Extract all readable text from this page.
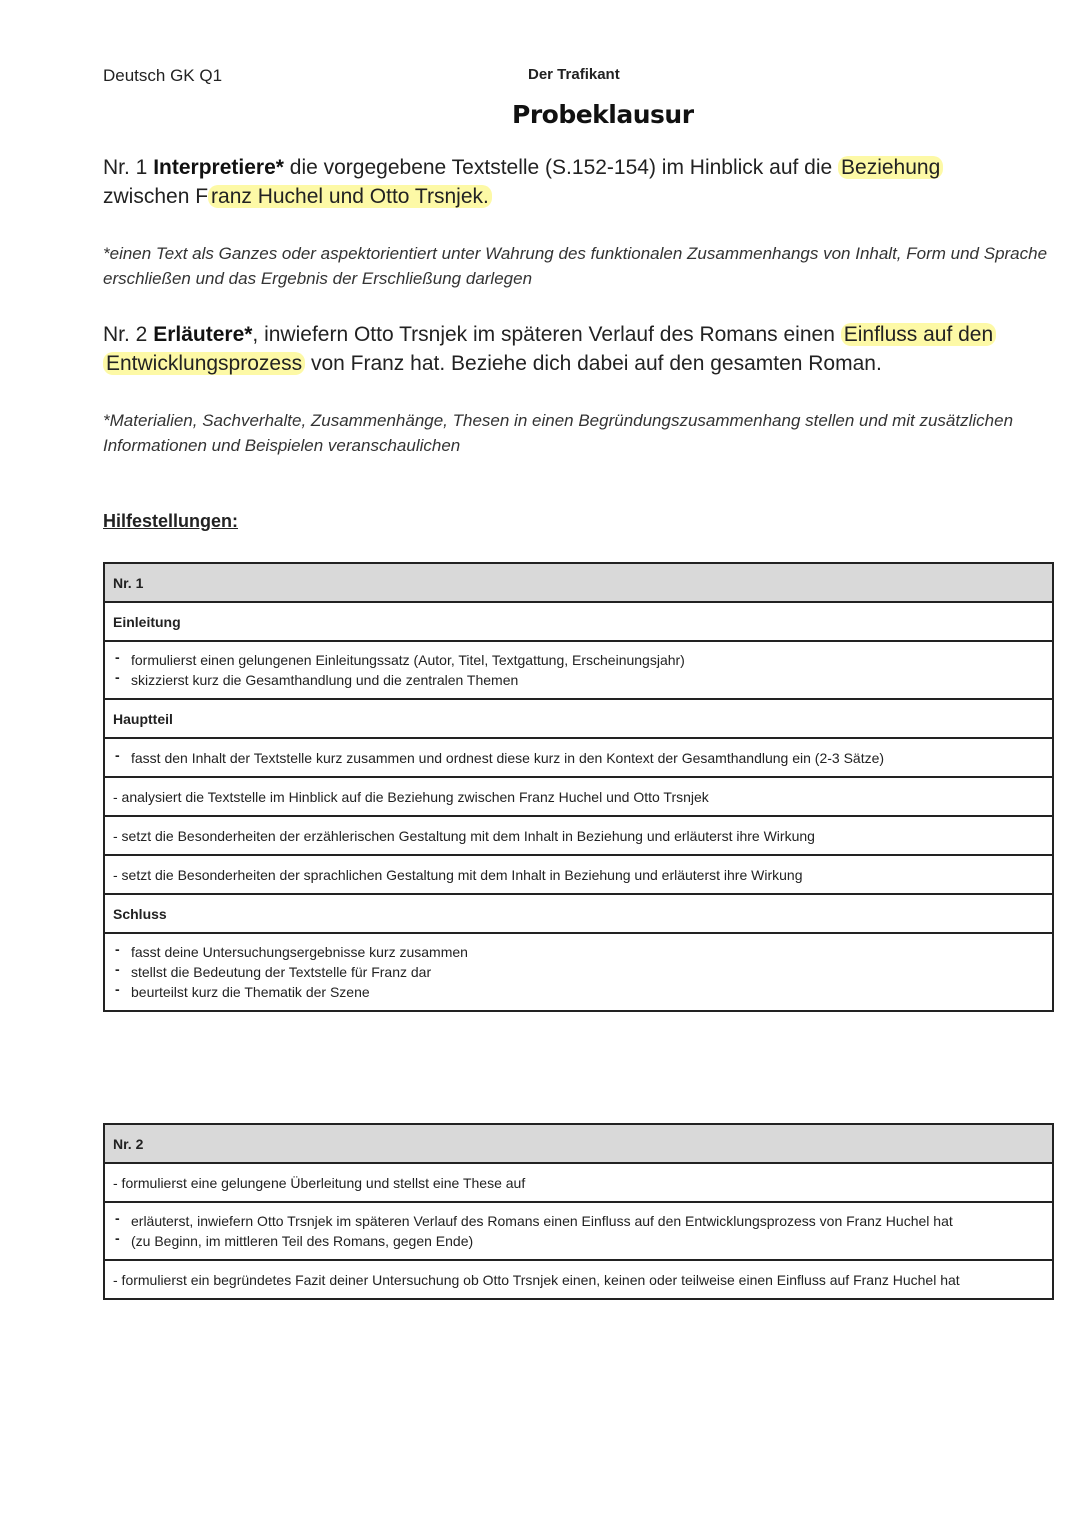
Deutsch GK Q1	Der Trafikant
Probeklausur
Nr. 1 Interpretiere* die vorgegebene Textstelle (S.152-154) im Hinblick auf die Beziehung
zwischen F ranz Huchel und Otto Trsnjek.
*einen Text als Ganzes oder aspektorientiert unter Wahrung des funktionalen Zusammenhangs von Inhalt, Form und Sprache erschließen und das Ergebnis der Erschließung darlegen
Nr. 2 Erläutere*, inwiefern Otto Trsnjek im späteren Verlauf des Romans einen Einfluss auf den
Entwicklungsprozess von Franz hat. Beziehe dich dabei auf den gesamten Roman.
*Materialien, Sachverhalte, Zusammenhänge, Thesen in einen Begründungszusammenhang stellen und mit zusätzlichen Informationen und Beispielen veranschaulichen
Hilfestellungen:
Nr. 1
Einleitung

- formulierst einen gelungenen Einleitungssatz (Autor, Titel, Textgattung, Erscheinungsjahr)
- skizzierst kurz die Gesamthandlung und die zentralen Themen

Hauptteil

- fasst den Inhalt der Textstelle kurz zusammen und ordnest diese kurz in den Kontext der Gesamthandlung ein (2-3 Sätze)

- analysiert die Textstelle im Hinblick auf die Beziehung zwischen Franz Huchel und Otto Trsnjek
- setzt die Besonderheiten der erzählerischen Gestaltung mit dem Inhalt in Beziehung und erläuterst ihre Wirkung
- setzt die Besonderheiten der sprachlichen Gestaltung mit dem Inhalt in Beziehung und erläuterst ihre Wirkung
Schluss

- fasst deine Untersuchungsergebnisse kurz zusammen
- stellst die Bedeutung der Textstelle für Franz dar
- beurteilst kurz die Thematik der Szene
Nr. 2
- formulierst eine gelungene Überleitung und stellst eine These auf

- erläuterst, inwiefern Otto Trsnjek im späteren Verlauf des Romans einen Einfluss auf den Entwicklungsprozess von Franz Huchel hat
- (zu Beginn, im mittleren Teil des Romans, gegen Ende)

- formulierst ein begründetes Fazit deiner Untersuchung ob Otto Trsnjek einen, keinen oder teilweise einen Einfluss auf Franz Huchel hat
